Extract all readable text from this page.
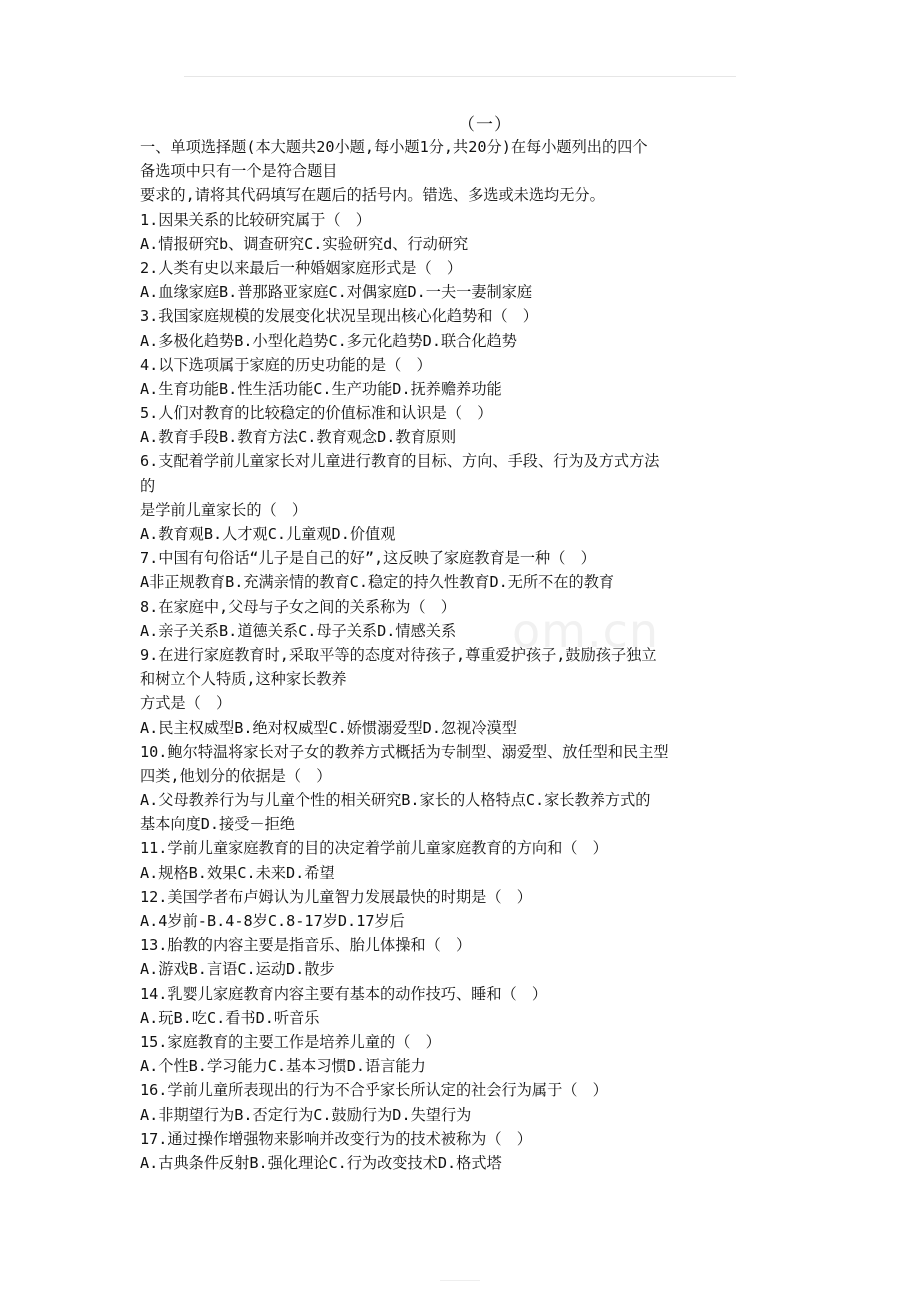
（一）
一、单项选择题(本大题共20小题,每小题1分,共20分)在每小题列出的四个
备选项中只有一个是符合题目
要求的,请将其代码填写在题后的括号内。错选、多选或未选均无分。
1.因果关系的比较研究属于（　）
A.情报研究b、调查研究C.实验研究d、行动研究
2.人类有史以来最后一种婚姻家庭形式是（　）
A.血缘家庭B.普那路亚家庭C.对偶家庭D.一夫一妻制家庭
3.我国家庭规模的发展变化状况呈现出核心化趋势和（　）
A.多极化趋势B.小型化趋势C.多元化趋势D.联合化趋势
4.以下选项属于家庭的历史功能的是（　）
A.生育功能B.性生活功能C.生产功能D.抚养赡养功能
5.人们对教育的比较稳定的价值标准和认识是（　）
A.教育手段B.教育方法C.教育观念D.教育原则
6.支配着学前儿童家长对儿童进行教育的目标、方向、手段、行为及方式方法
的
是学前儿童家长的（　）
A.教育观B.人才观C.儿童观D.价值观
7.中国有句俗话“儿子是自己的好”,这反映了家庭教育是一种（　）
A非正规教育B.充满亲情的教育C.稳定的持久性教育D.无所不在的教育
8.在家庭中,父母与子女之间的关系称为（　）
A.亲子关系B.道德关系C.母子关系D.情感关系
9.在进行家庭教育时,采取平等的态度对待孩子,尊重爱护孩子,鼓励孩子独立
和树立个人特质,这种家长教养
方式是（　）
A.民主权威型B.绝对权威型C.娇惯溺爱型D.忽视冷漠型
10.鲍尔特温将家长对子女的教养方式概括为专制型、溺爱型、放任型和民主型
四类,他划分的依据是（　）
A.父母教养行为与儿童个性的相关研究B.家长的人格特点C.家长教养方式的
基本向度D.接受－拒绝
11.学前儿童家庭教育的目的决定着学前儿童家庭教育的方向和（　）
A.规格B.效果C.未来D.希望
12.美国学者布卢姆认为儿童智力发展最快的时期是（　）
A.4岁前-B.4-8岁C.8-17岁D.17岁后
13.胎教的内容主要是指音乐、胎儿体操和（　）
A.游戏B.言语C.运动D.散步
14.乳婴儿家庭教育内容主要有基本的动作技巧、睡和（　）
A.玩B.吃C.看书D.听音乐
15.家庭教育的主要工作是培养儿童的（　）
A.个性B.学习能力C.基本习惯D.语言能力
16.学前儿童所表现出的行为不合乎家长所认定的社会行为属于（　）
A.非期望行为B.否定行为C.鼓励行为D.失望行为
17.通过操作增强物来影响并改变行为的技术被称为（　）
A.古典条件反射B.强化理论C.行为改变技术D.格式塔
om.cn
